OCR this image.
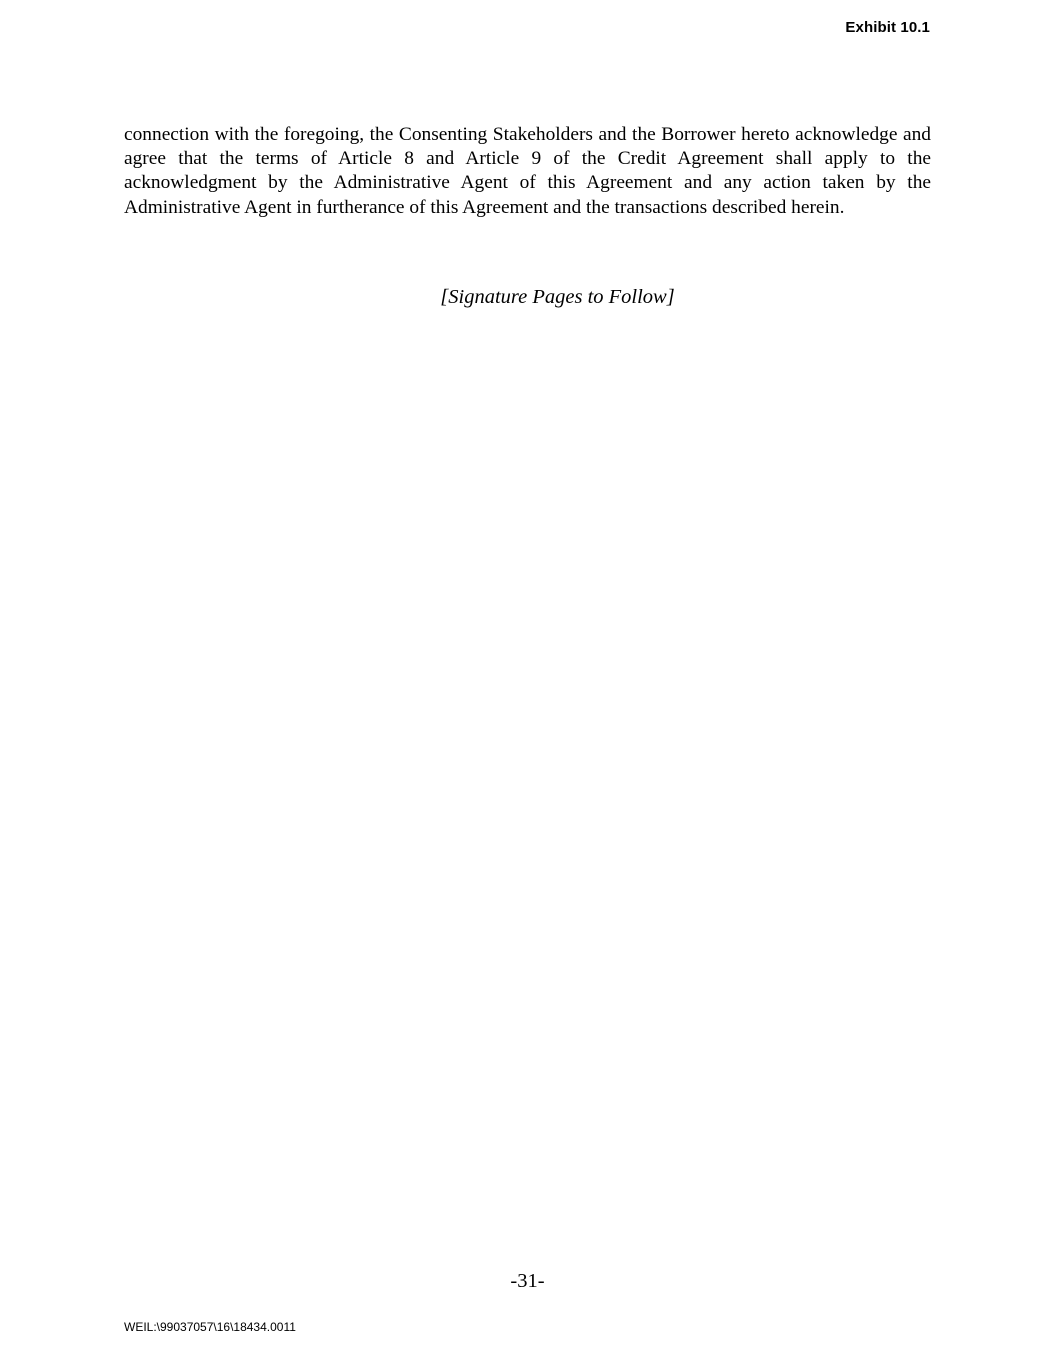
Exhibit 10.1

connection with the foregoing, the Consenting Stakeholders and the Borrower hereto acknowledge and agree that the terms of Article 8 and Article 9 of the Credit Agreement shall apply to the acknowledgment by the Administrative Agent of this Agreement and any action taken by the Administrative Agent in furtherance of this Agreement and the transactions described herein.

[Signature Pages to Follow]
-31-
WEIL:\99037057\16\18434.0011
